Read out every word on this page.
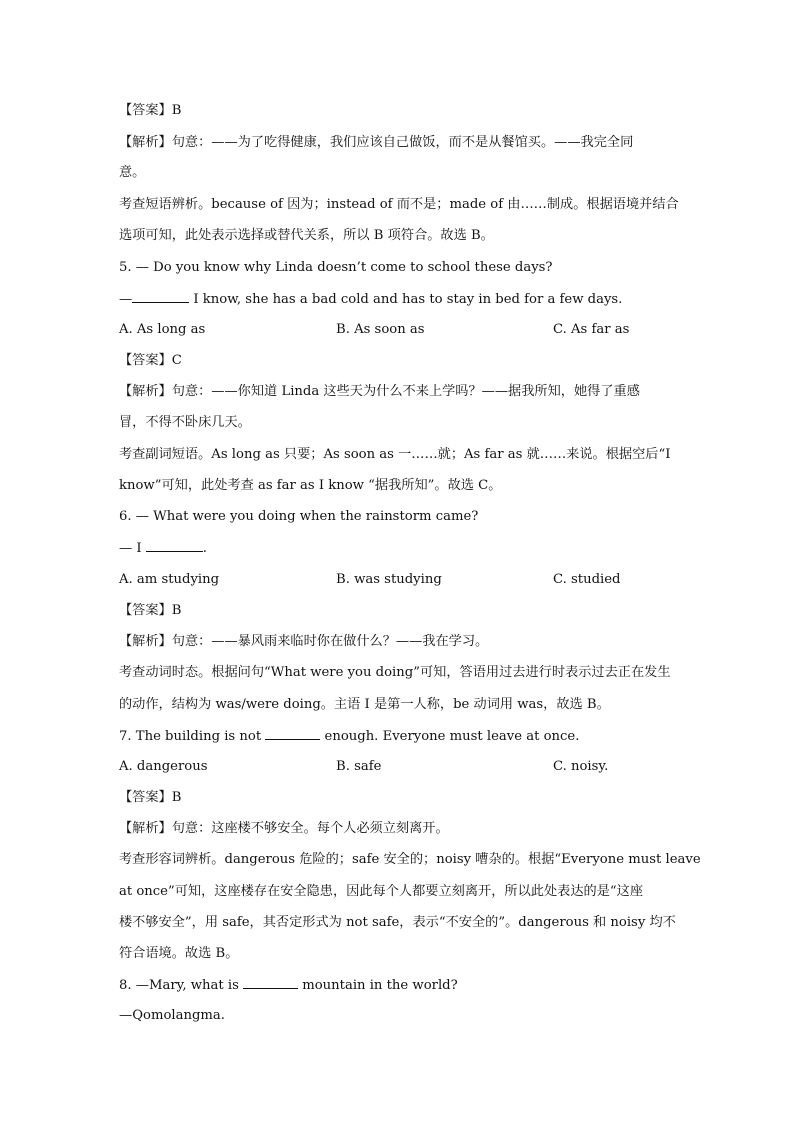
【答案】B
【解析】句意：——为了吃得健康，我们应该自己做饭，而不是从餐馆买。——我完全同
意。
考查短语辨析。because of 因为；instead of 而不是；made of 由……制成。根据语境并结合
选项可知，此处表示选择或替代关系，所以 B 项符合。故选 B。
5. — Do you know why Linda doesn’t come to school these days?
—	I know, she has a bad cold and has to stay in bed for a few days.
A. As long as	B. As soon as	C. As far as
【答案】C
【解析】句意：——你知道 Linda 这些天为什么不来上学吗？——据我所知，她得了重感
冒，不得不卧床几天。
考查副词短语。As long as 只要；As soon as 一……就；As far as 就……来说。根据空后“I
know”可知，此处考查 as far as I know “据我所知”。故选 C。
6. — What were you doing when the rainstorm came?
— I	.
A. am studying	B. was studying	C. studied
【答案】B
【解析】句意：——暴风雨来临时你在做什么？——我在学习。
考查动词时态。根据问句“What were you doing”可知，答语用过去进行时表示过去正在发生
的动作，结构为 was/were doing。主语 I 是第一人称，be 动词用 was，故选 B。
7. The building is not	enough. Everyone must leave at once.
A. dangerous	B. safe	C. noisy.
【答案】B
【解析】句意：这座楼不够安全。每个人必须立刻离开。
考查形容词辨析。dangerous 危险的；safe 安全的；noisy 嘈杂的。根据“Everyone must leave
at once”可知，这座楼存在安全隐患，因此每个人都要立刻离开，所以此处表达的是“这座
楼不够安全”，用 safe，其否定形式为 not safe，表示“不安全的”。dangerous 和 noisy 均不
符合语境。故选 B。
8. —Mary, what is	mountain in the world?
—Qomolangma.
